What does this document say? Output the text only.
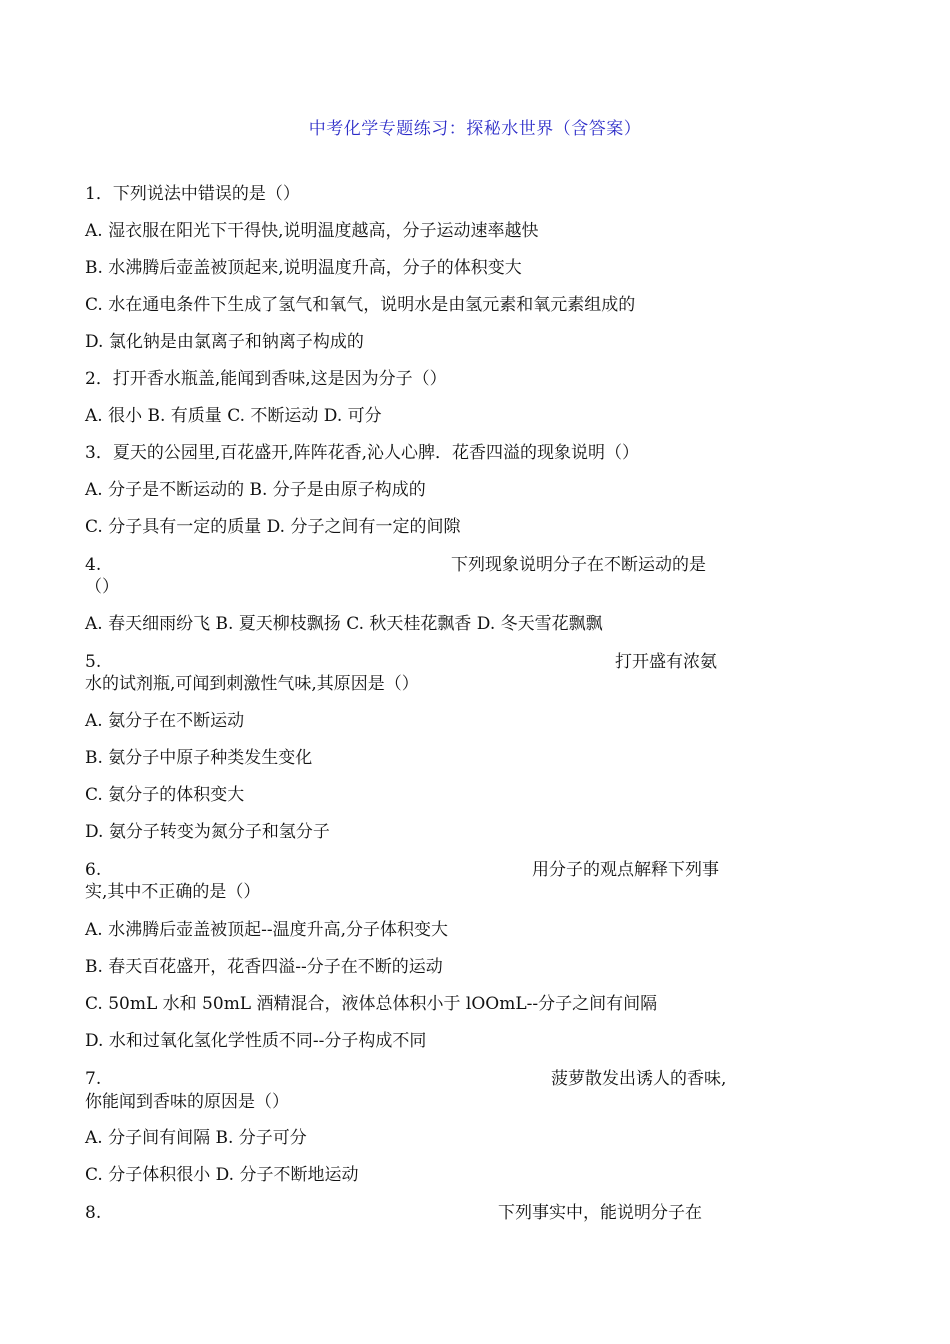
中考化学专题练习：探秘水世界（含答案）
1．下列说法中错误的是（）
A. 湿衣服在阳光下干得快,说明温度越高，分子运动速率越快
B. 水沸腾后壶盖被顶起来,说明温度升高，分子的体积变大
C. 水在通电条件下生成了氢气和氧气，说明水是由氢元素和氧元素组成的
D. 氯化钠是由氯离子和钠离子构成的
2．打开香水瓶盖,能闻到香味,这是因为分子（）
A. 很小 B. 有质量 C. 不断运动 D. 可分
3．夏天的公园里,百花盛开,阵阵花香,沁人心脾．花香四溢的现象说明（）
A. 分子是不断运动的 B. 分子是由原子构成的
C. 分子具有一定的质量 D. 分子之间有一定的间隙
4.	下列现象说明分子在不断运动的是
（）
A. 春天细雨纷飞 B. 夏天柳枝飘扬 C. 秋天桂花飘香 D. 冬天雪花飘飘
5.	打开盛有浓氨
水的试剂瓶,可闻到刺激性气味,其原因是（）
A. 氨分子在不断运动
B. 氨分子中原子种类发生变化
C. 氨分子的体积变大
D. 氨分子转变为氮分子和氢分子
6.	用分子的观点解释下列事
实,其中不正确的是（）
A. 水沸腾后壶盖被顶起--温度升高,分子体积变大
B. 春天百花盛开，花香四溢--分子在不断的运动
C. 50mL 水和 50mL 酒精混合，液体总体积小于 lOOmL--分子之间有间隔
D. 水和过氧化氢化学性质不同--分子构成不同
7.	菠萝散发出诱人的香味,
你能闻到香味的原因是（）
A. 分子间有间隔 B. 分子可分
C. 分子体积很小 D. 分子不断地运动
8.	下列事实中，能说明分子在
